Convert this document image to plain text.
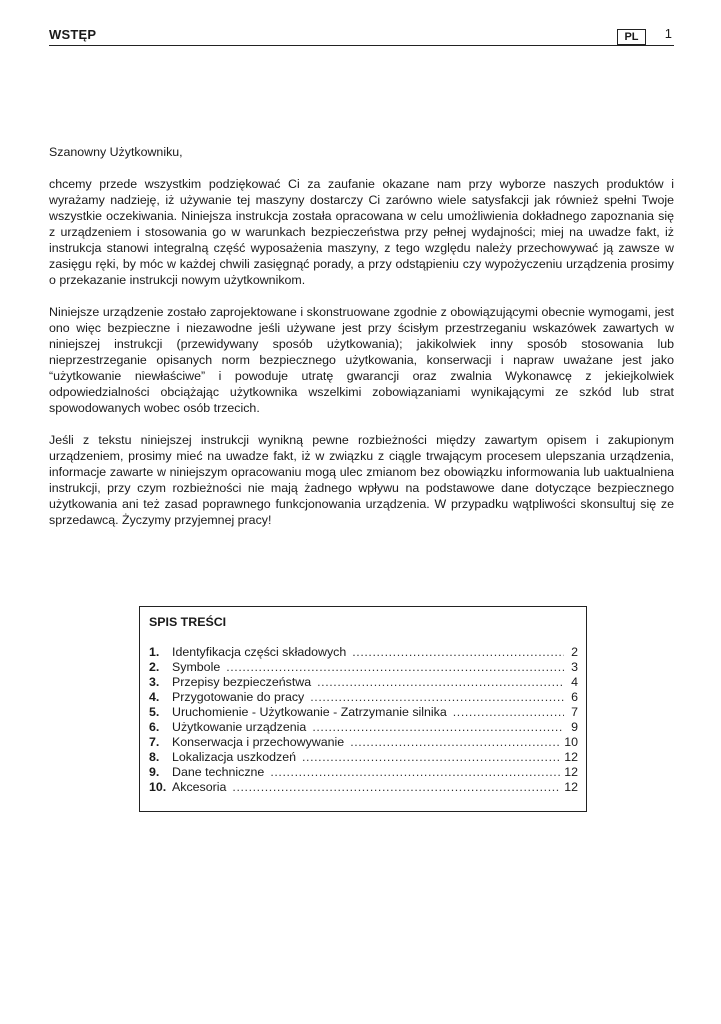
WSTĘP	PL	1

Szanowny Użytkowniku,

chcemy przede wszystkim podziękować Ci za zaufanie okazane nam przy wyborze naszych produktów i wyrażamy nadzieję, iż używanie tej maszyny dostarczy Ci zarówno wiele satysfakcji jak również spełni Twoje wszystkie oczekiwania. Niniejsza instrukcja została opracowana w celu umożliwienia dokładnego zapoznania się z urządzeniem i stosowania go w warunkach bezpieczeństwa przy pełnej wydajności; miej na uwadze fakt, iż instrukcja stanowi integralną część wyposażenia maszyny, z tego względu należy przechowywać ją zawsze w zasięgu ręki, by móc w każdej chwili zasięgnąć porady, a przy odstąpieniu czy wypożyczeniu urządzenia prosimy o przekazanie instrukcji nowym użytkownikom.

Niniejsze urządzenie zostało zaprojektowane i skonstruowane zgodnie z obowiązującymi obecnie wymogami, jest ono więc bezpieczne i niezawodne jeśli używane jest przy ścisłym przestrzeganiu wskazówek zawartych w niniejszej instrukcji (przewidywany sposób użytkowania); jakikolwiek inny sposób stosowania lub nieprzestrzeganie opisanych norm bezpiecznego użytkowania, konserwacji i napraw uważane jest jako “użytkowanie niewłaściwe” i powoduje utratę gwarancji oraz zwalnia Wykonawcę z jekiejkolwiek odpowiedzialności obciążając użytkownika wszelkimi zobowiązaniami wynikającymi ze szkód lub strat spowodowanych wobec osób trzecich.

Jeśli z tekstu niniejszej instrukcji wynikną pewne rozbieżności między zawartym opisem i zakupionym urządzeniem, prosimy mieć na uwadze fakt, iż w związku z ciągle trwającym procesem ulepszania urządzenia, informacje zawarte w niniejszym opracowaniu mogą ulec zmianom bez obowiązku informowania lub uaktualniena instrukcji, przy czym rozbieżności nie mają żadnego wpływu na podstawowe dane dotyczące bezpiecznego użytkowania ani też zasad poprawnego funkcjonowania urządzenia. W przypadku wątpliwości skonsultuj się ze sprzedawcą. Życzymy przyjemnej pracy!

SPIS TREŚCI
1.	Identyfikacja części składowych .....	2
2.	Symbole .....	3
3.	Przepisy bezpieczeństwa .....	4
4.	Przygotowanie do pracy .....	6
5.	Uruchomienie - Użytkowanie - Zatrzymanie silnika .....	7
6.	Użytkowanie urządzenia .....	9
7.	Konserwacja i przechowywanie .....	10
8.	Lokalizacja uszkodzeń .....	12
9.	Dane techniczne .....	12
10. Akcesoria .....	12
